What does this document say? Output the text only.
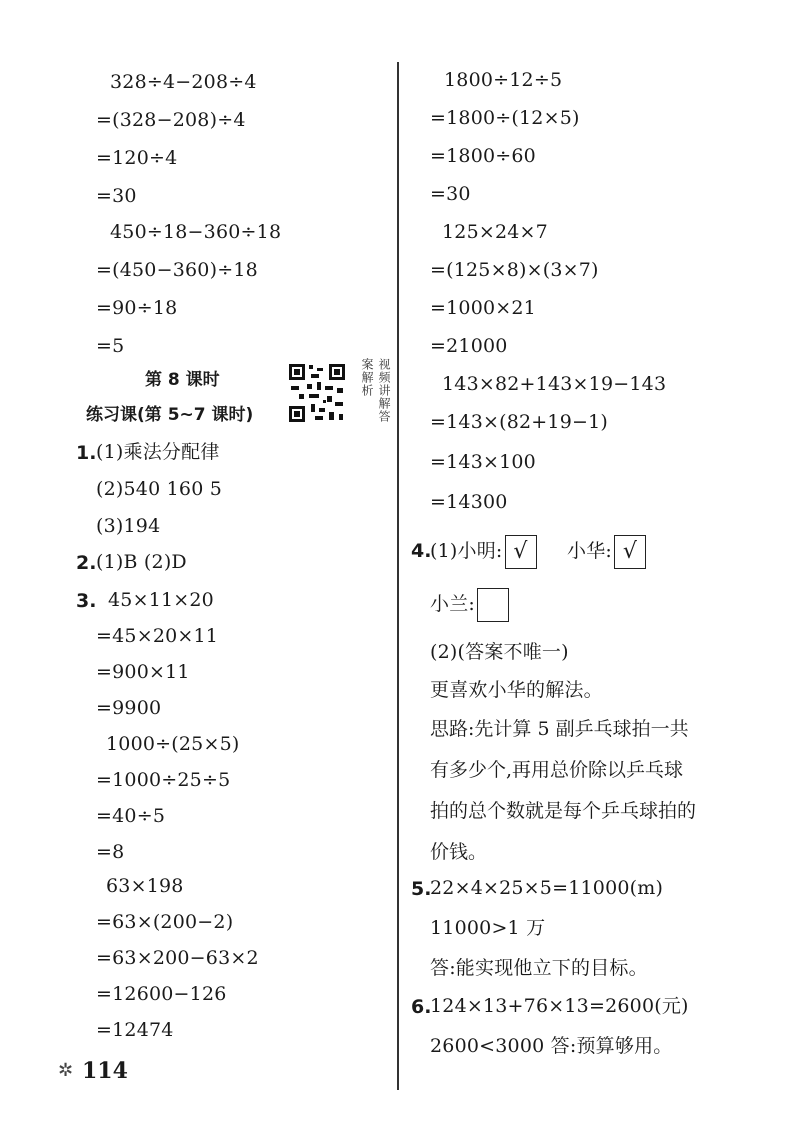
328÷4−208÷4
=(328−208)÷4
=120÷4
=30
450÷18−360÷18
=(450−360)÷18
=90÷18
=5
第 8 课时
练习课(第 5~7 课时)	视频讲解答案解析
1. (1)乘法分配律
(2)540 160 5
(3)194
2. (1)B (2)D
3. 45×11×20
=45×20×11
=900×11
=9900
1000÷(25×5)
=1000÷25÷5
=40÷5
=8
63×198
=63×(200−2)
=63×200−63×2
=12600−126
=12474
1800÷12÷5
=1800÷(12×5)
=1800÷60
=30
125×24×7
=(125×8)×(3×7)
=1000×21
=21000
143×82+143×19−143
=143×(82+19−1)
=143×100
=14300
4.
(1)小明: √ 小华: √
小兰:
(2)(答案不唯一)
更喜欢小华的解法。
思路:先计算 5 副乒乓球拍一共
有多少个,再用总价除以乒乓球
拍的总个数就是每个乒乓球拍的
价钱。
5.
22×4×25×5=11000(m)
11000>1 万
答:能实现他立下的目标。
6.
124×13+76×13=2600(元)
2600<3000 答:预算够用。
✲ 114
